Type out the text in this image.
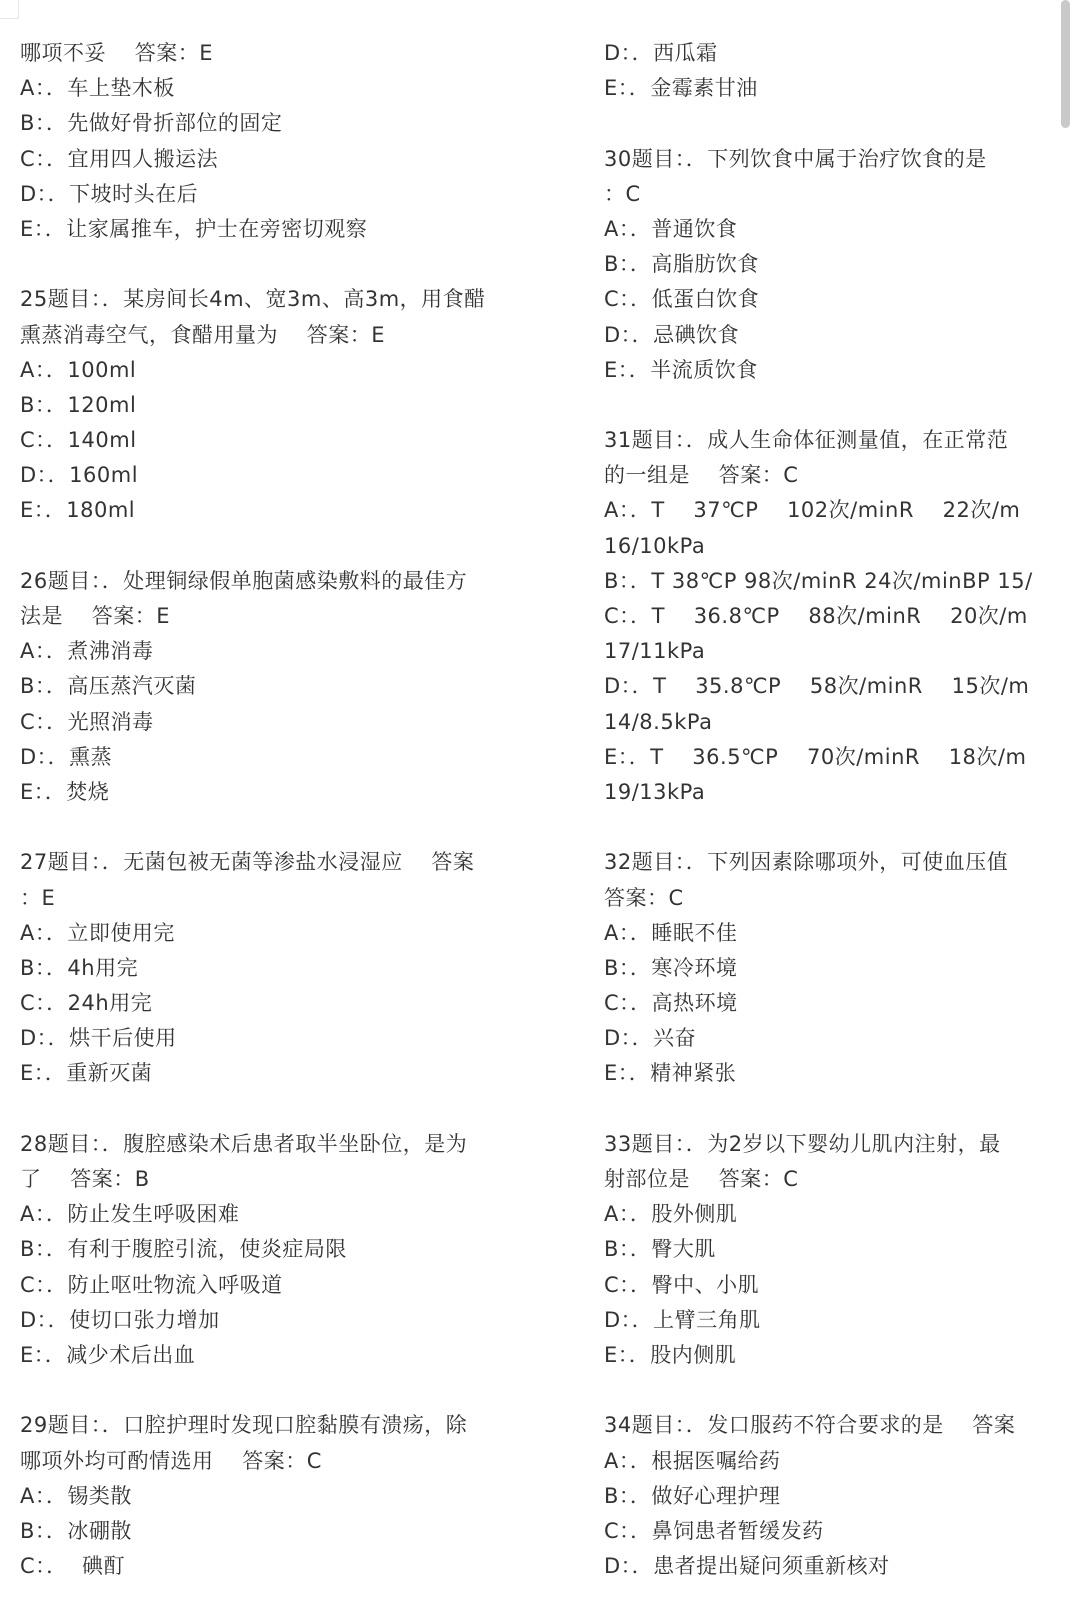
哪项不妥    答案：E
A：．车上垫木板
B：．先做好骨折部位的固定
C：．宜用四人搬运法
D：．下坡时头在后
E：．让家属推车，护士在旁密切观察
25题目：．某房间长4m、宽3m、高3m，用食醋
熏蒸消毒空气，食醋用量为    答案：E
A：．100ml
B：．120ml
C：．140ml
D：．160ml
E：．180ml
26题目：．处理铜绿假单胞菌感染敷料的最佳方
法是    答案：E
A：．煮沸消毒
B：．高压蒸汽灭菌
C：．光照消毒
D：．熏蒸
E：．焚烧
27题目：．无菌包被无菌等渗盐水浸湿应    答案
：E
A：．立即使用完
B：．4h用完
C：．24h用完
D：．烘干后使用
E：．重新灭菌
28题目：．腹腔感染术后患者取半坐卧位，是为
了    答案：B
A：．防止发生呼吸困难
B：．有利于腹腔引流，使炎症局限
C：．防止呕吐物流入呼吸道
D：．使切口张力增加
E：．减少术后出血
29题目：．口腔护理时发现口腔黏膜有溃疡，除
哪项外均可酌情选用    答案：C
A：．锡类散
B：．冰硼散
C：．  碘酊
D：．西瓜霜
E：．金霉素甘油
30题目：．下列饮食中属于治疗饮食的是
：C
A：．普通饮食
B：．高脂肪饮食
C：．低蛋白饮食
D：．忌碘饮食
E：．半流质饮食
31题目：．成人生命体征测量值，在正常范
的一组是    答案：C
A：．T    37℃P    102次/minR    22次/m
16/10kPa
B：．T 38℃P 98次/minR 24次/minBP 15/
C：．T    36.8℃P    88次/minR    20次/m
17/11kPa
D：．T    35.8℃P    58次/minR    15次/m
14/8.5kPa
E：．T    36.5℃P    70次/minR    18次/m
19/13kPa
32题目：．下列因素除哪项外，可使血压值
答案：C
A：．睡眠不佳
B：．寒冷环境
C：．高热环境
D：．兴奋
E：．精神紧张
33题目：．为2岁以下婴幼儿肌内注射，最
射部位是    答案：C
A：．股外侧肌
B：．臀大肌
C：．臀中、小肌
D：．上臂三角肌
E：．股内侧肌
34题目：．发口服药不符合要求的是    答案
A：．根据医嘱给药
B：．做好心理护理
C：．鼻饲患者暂缓发药
D：．患者提出疑问须重新核对
